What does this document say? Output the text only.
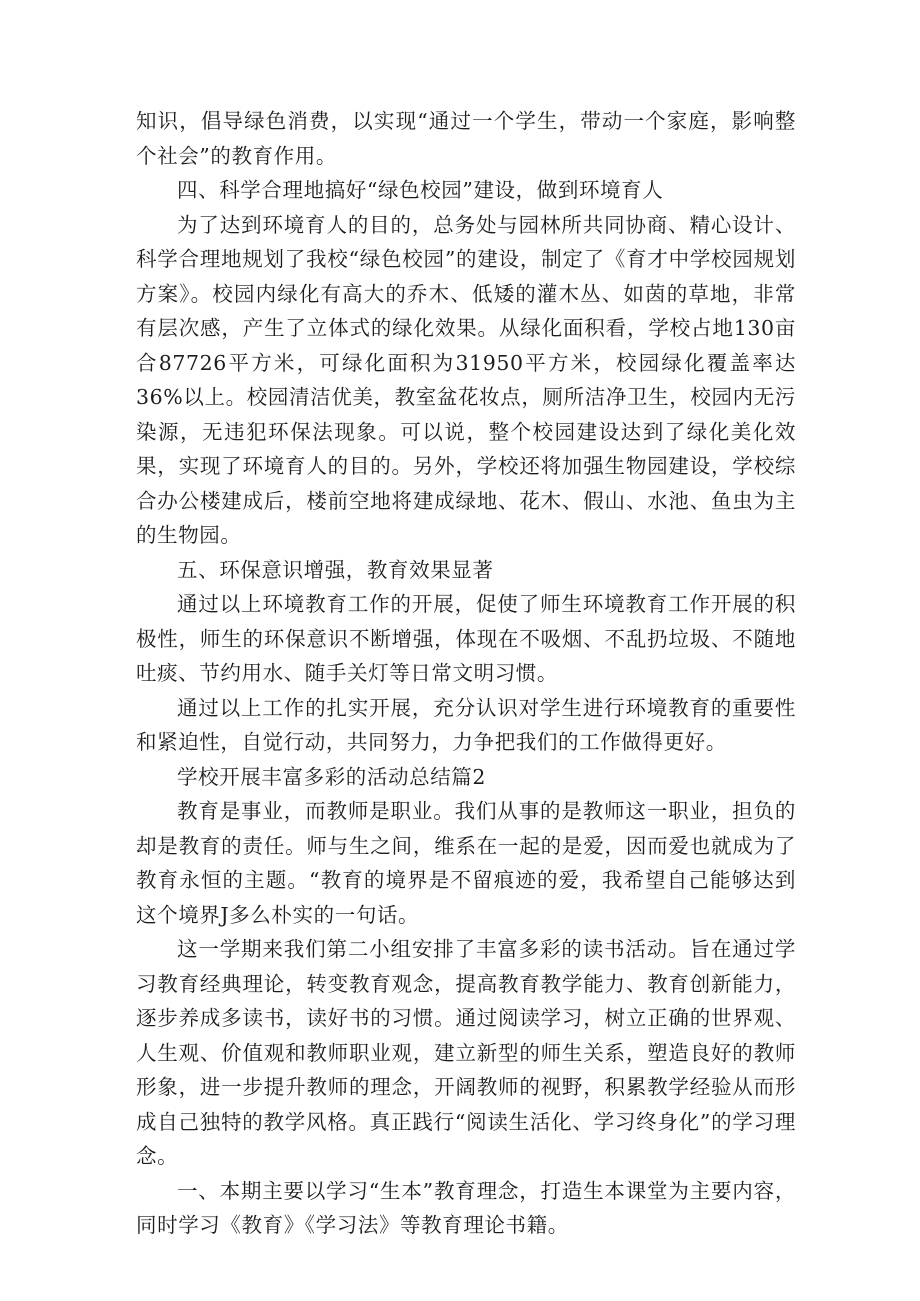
知识，倡导绿色消费，以实现“通过一个学生，带动一个家庭，影响整个社会”的教育作用。

四、科学合理地搞好“绿色校园”建设，做到环境育人

为了达到环境育人的目的，总务处与园林所共同协商、精心设计、科学合理地规划了我校“绿色校园”的建设，制定了《育才中学校园规划方案》。校园内绿化有高大的乔木、低矮的灌木丛、如茵的草地，非常有层次感，产生了立体式的绿化效果。从绿化面积看，学校占地130亩合87726平方米，可绿化面积为31950平方米，校园绿化覆盖率达36%以上。校园清洁优美，教室盆花妆点，厕所洁净卫生，校园内无污染源，无违犯环保法现象。可以说，整个校园建设达到了绿化美化效果，实现了环境育人的目的。另外，学校还将加强生物园建设，学校综合办公楼建成后，楼前空地将建成绿地、花木、假山、水池、鱼虫为主的生物园。

五、环保意识增强，教育效果显著

通过以上环境教育工作的开展，促使了师生环境教育工作开展的积极性，师生的环保意识不断增强，体现在不吸烟、不乱扔垃圾、不随地吐痰、节约用水、随手关灯等日常文明习惯。

通过以上工作的扎实开展，充分认识对学生进行环境教育的重要性和紧迫性，自觉行动，共同努力，力争把我们的工作做得更好。

学校开展丰富多彩的活动总结篇2

教育是事业，而教师是职业。我们从事的是教师这一职业，担负的却是教育的责任。师与生之间，维系在一起的是爱，因而爱也就成为了教育永恒的主题。“教育的境界是不留痕迹的爱，我希望自己能够达到这个境界J多么朴实的一句话。

这一学期来我们第二小组安排了丰富多彩的读书活动。旨在通过学习教育经典理论，转变教育观念，提高教育教学能力、教育创新能力，逐步养成多读书，读好书的习惯。通过阅读学习，树立正确的世界观、人生观、价值观和教师职业观，建立新型的师生关系，塑造良好的教师形象，进一步提升教师的理念，开阔教师的视野，积累教学经验从而形成自己独特的教学风格。真正践行“阅读生活化、学习终身化”的学习理念。

一、本期主要以学习“生本”教育理念，打造生本课堂为主要内容，同时学习《教育》《学习法》等教育理论书籍。
